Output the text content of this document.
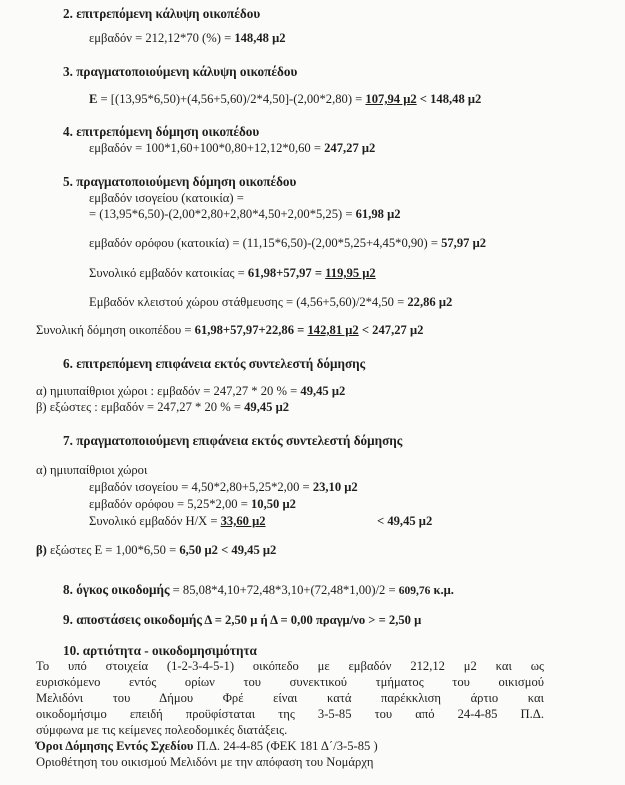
2. επιτρεπόμενη κάλυψη οικοπέδου
εμβαδόν = 212,12*70 (%) = 148,48 μ2
3. πραγματοποιούμενη κάλυψη οικοπέδου
E = [(13,95*6,50)+(4,56+5,60)/2*4,50]-(2,00*2,80) = 107,94 μ2 < 148,48 μ2
4. επιτρεπόμενη δόμηση οικοπέδου
εμβαδόν = 100*1,60+100*0,80+12,12*0,60 = 247,27 μ2
5. πραγματοποιούμενη δόμηση οικοπέδου
εμβαδόν ισογείου (κατοικία) =
= (13,95*6,50)-(2,00*2,80+2,80*4,50+2,00*5,25) = 61,98 μ2
εμβαδόν ορόφου (κατοικία) = (11,15*6,50)-(2,00*5,25+4,45*0,90) = 57,97 μ2
Συνολικό εμβαδόν κατοικίας = 61,98+57,97 = 119,95 μ2
Εμβαδόν κλειστού χώρου στάθμευσης = (4,56+5,60)/2*4,50 = 22,86 μ2
Συνολική δόμηση οικοπέδου = 61,98+57,97+22,86 = 142,81 μ2 < 247,27 μ2
6. επιτρεπόμενη επιφάνεια εκτός συντελεστή δόμησης
α) ημιυπαίθριοι χώροι : εμβαδόν = 247,27 * 20 % = 49,45 μ2
β) εξώστες : εμβαδόν = 247,27 * 20 % = 49,45 μ2
7. πραγματοποιούμενη επιφάνεια εκτός συντελεστή δόμησης
α) ημιυπαίθριοι χώροι
εμβαδόν ισογείου = 4,50*2,80+5,25*2,00 = 23,10 μ2
εμβαδόν ορόφου = 5,25*2,00 = 10,50 μ2
Συνολικό εμβαδόν Η/Χ = 33,60 μ2	< 49,45 μ2
β) εξώστες Ε = 1,00*6,50 = 6,50 μ2 < 49,45 μ2
8. όγκος οικοδομής = 85,08*4,10+72,48*3,10+(72,48*1,00)/2 = 609,76 κ.μ.
9. αποστάσεις οικοδομής Δ = 2,50 μ ή Δ = 0,00 πραγμ/νο > = 2,50 μ
10. αρτιότητα - οικοδομησιμότητα
Το υπό στοιχεία (1-2-3-4-5-1) οικόπεδο με εμβαδόν 212,12 μ2 και ως
ευρισκόμενο εντός ορίων του συνεκτικού τμήματος του οικισμού
Μελιδόνι του Δήμου Φρέ είναι κατά παρέκκλιση άρτιο και
οικοδομήσιμο επειδή προϋφίσταται της 3-5-85 του από 24-4-85 Π.Δ.
σύμφωνα με τις κείμενες πολεοδομικές διατάξεις.
Όροι Δόμησης Εντός Σχεδίου Π.Δ. 24-4-85 (ΦΕΚ 181 Δ΄/3-5-85 )
Οριοθέτηση του οικισμού Μελιδόνι με την απόφαση του Νομάρχη
